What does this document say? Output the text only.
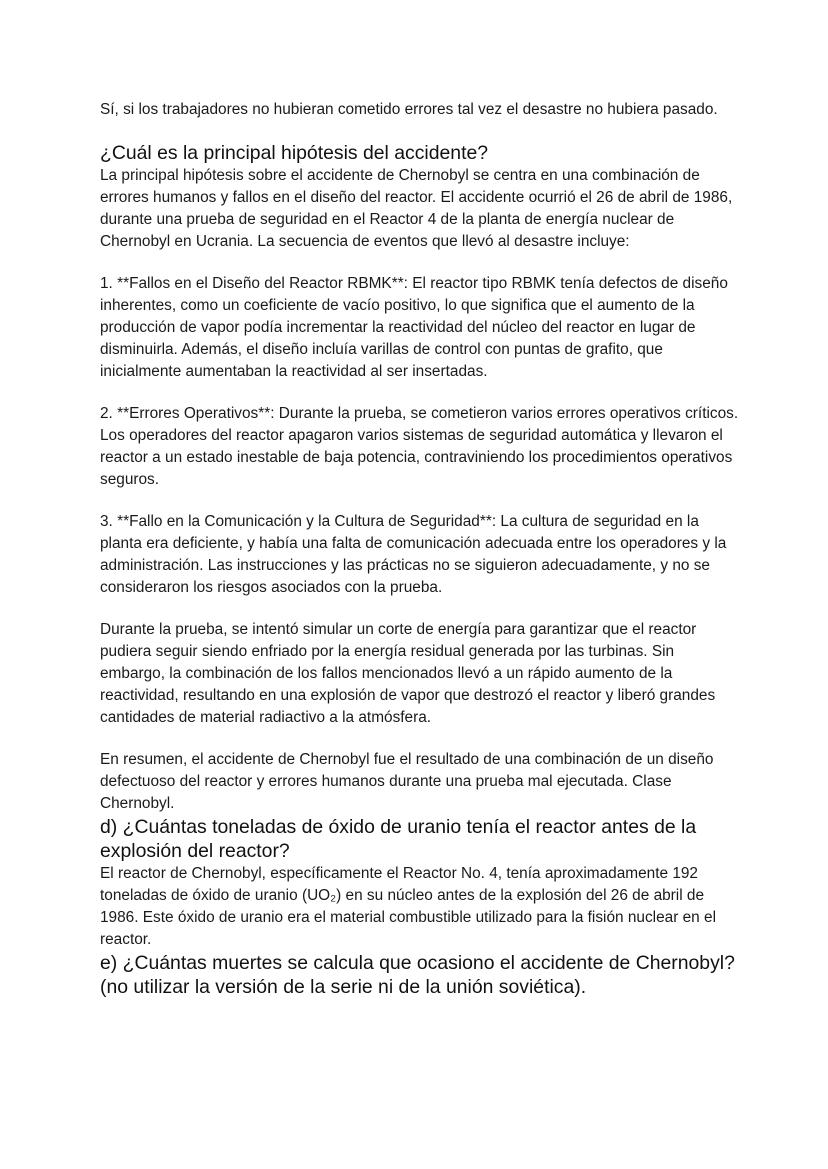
Sí, si los trabajadores no hubieran cometido errores tal vez el desastre no hubiera pasado.

¿Cuál es la principal hipótesis del accidente?

La principal hipótesis sobre el accidente de Chernobyl se centra en una combinación de errores humanos y fallos en el diseño del reactor. El accidente ocurrió el 26 de abril de 1986, durante una prueba de seguridad en el Reactor 4 de la planta de energía nuclear de Chernobyl en Ucrania. La secuencia de eventos que llevó al desastre incluye:

1. **Fallos en el Diseño del Reactor RBMK**: El reactor tipo RBMK tenía defectos de diseño inherentes, como un coeficiente de vacío positivo, lo que significa que el aumento de la producción de vapor podía incrementar la reactividad del núcleo del reactor en lugar de disminuirla. Además, el diseño incluía varillas de control con puntas de grafito, que inicialmente aumentaban la reactividad al ser insertadas.

2. **Errores Operativos**: Durante la prueba, se cometieron varios errores operativos críticos. Los operadores del reactor apagaron varios sistemas de seguridad automática y llevaron el reactor a un estado inestable de baja potencia, contraviniendo los procedimientos operativos seguros.

3. **Fallo en la Comunicación y la Cultura de Seguridad**: La cultura de seguridad en la planta era deficiente, y había una falta de comunicación adecuada entre los operadores y la administración. Las instrucciones y las prácticas no se siguieron adecuadamente, y no se consideraron los riesgos asociados con la prueba.

Durante la prueba, se intentó simular un corte de energía para garantizar que el reactor pudiera seguir siendo enfriado por la energía residual generada por las turbinas. Sin embargo, la combinación de los fallos mencionados llevó a un rápido aumento de la reactividad, resultando en una explosión de vapor que destrozó el reactor y liberó grandes cantidades de material radiactivo a la atmósfera.

En resumen, el accidente de Chernobyl fue el resultado de una combinación de un diseño defectuoso del reactor y errores humanos durante una prueba mal ejecutada. Clase Chernobyl.

d) ¿Cuántas toneladas de óxido de uranio tenía el reactor antes de la explosión del reactor?

El reactor de Chernobyl, específicamente el Reactor No. 4, tenía aproximadamente 192 toneladas de óxido de uranio (UO₂) en su núcleo antes de la explosión del 26 de abril de 1986. Este óxido de uranio era el material combustible utilizado para la fisión nuclear en el reactor.

e) ¿Cuántas muertes se calcula que ocasiono el accidente de Chernobyl? (no utilizar la versión de la serie ni de la unión soviética).
